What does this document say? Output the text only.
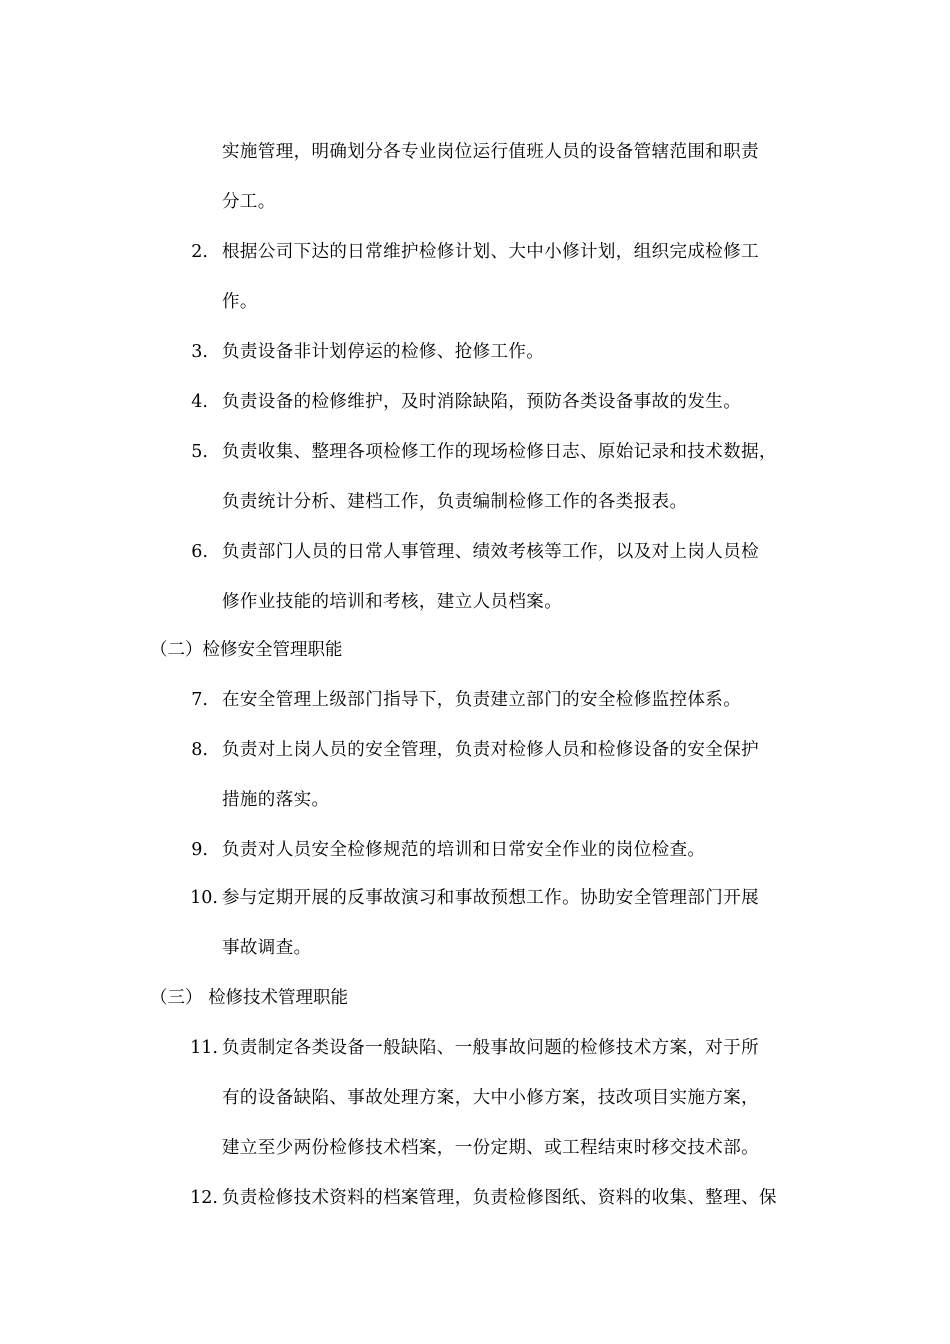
实施管理，明确划分各专业岗位运行值班人员的设备管辖范围和职责
分工。
2. 根据公司下达的日常维护检修计划、大中小修计划，组织完成检修工
作。
3. 负责设备非计划停运的检修、抢修工作。
4. 负责设备的检修维护，及时消除缺陷，预防各类设备事故的发生。
5. 负责收集、整理各项检修工作的现场检修日志、原始记录和技术数据，
负责统计分析、建档工作，负责编制检修工作的各类报表。
6. 负责部门人员的日常人事管理、绩效考核等工作，以及对上岗人员检
修作业技能的培训和考核，建立人员档案。
（二）检修安全管理职能
7. 在安全管理上级部门指导下，负责建立部门的安全检修监控体系。
8. 负责对上岗人员的安全管理，负责对检修人员和检修设备的安全保护
措施的落实。
9. 负责对人员安全检修规范的培训和日常安全作业的岗位检查。
10. 参与定期开展的反事故演习和事故预想工作。协助安全管理部门开展
事故调查。
（三） 检修技术管理职能
11. 负责制定各类设备一般缺陷、一般事故问题的检修技术方案，对于所
有的设备缺陷、事故处理方案，大中小修方案，技改项目实施方案，
建立至少两份检修技术档案，一份定期、或工程结束时移交技术部。
12. 负责检修技术资料的档案管理，负责检修图纸、资料的收集、整理、保
